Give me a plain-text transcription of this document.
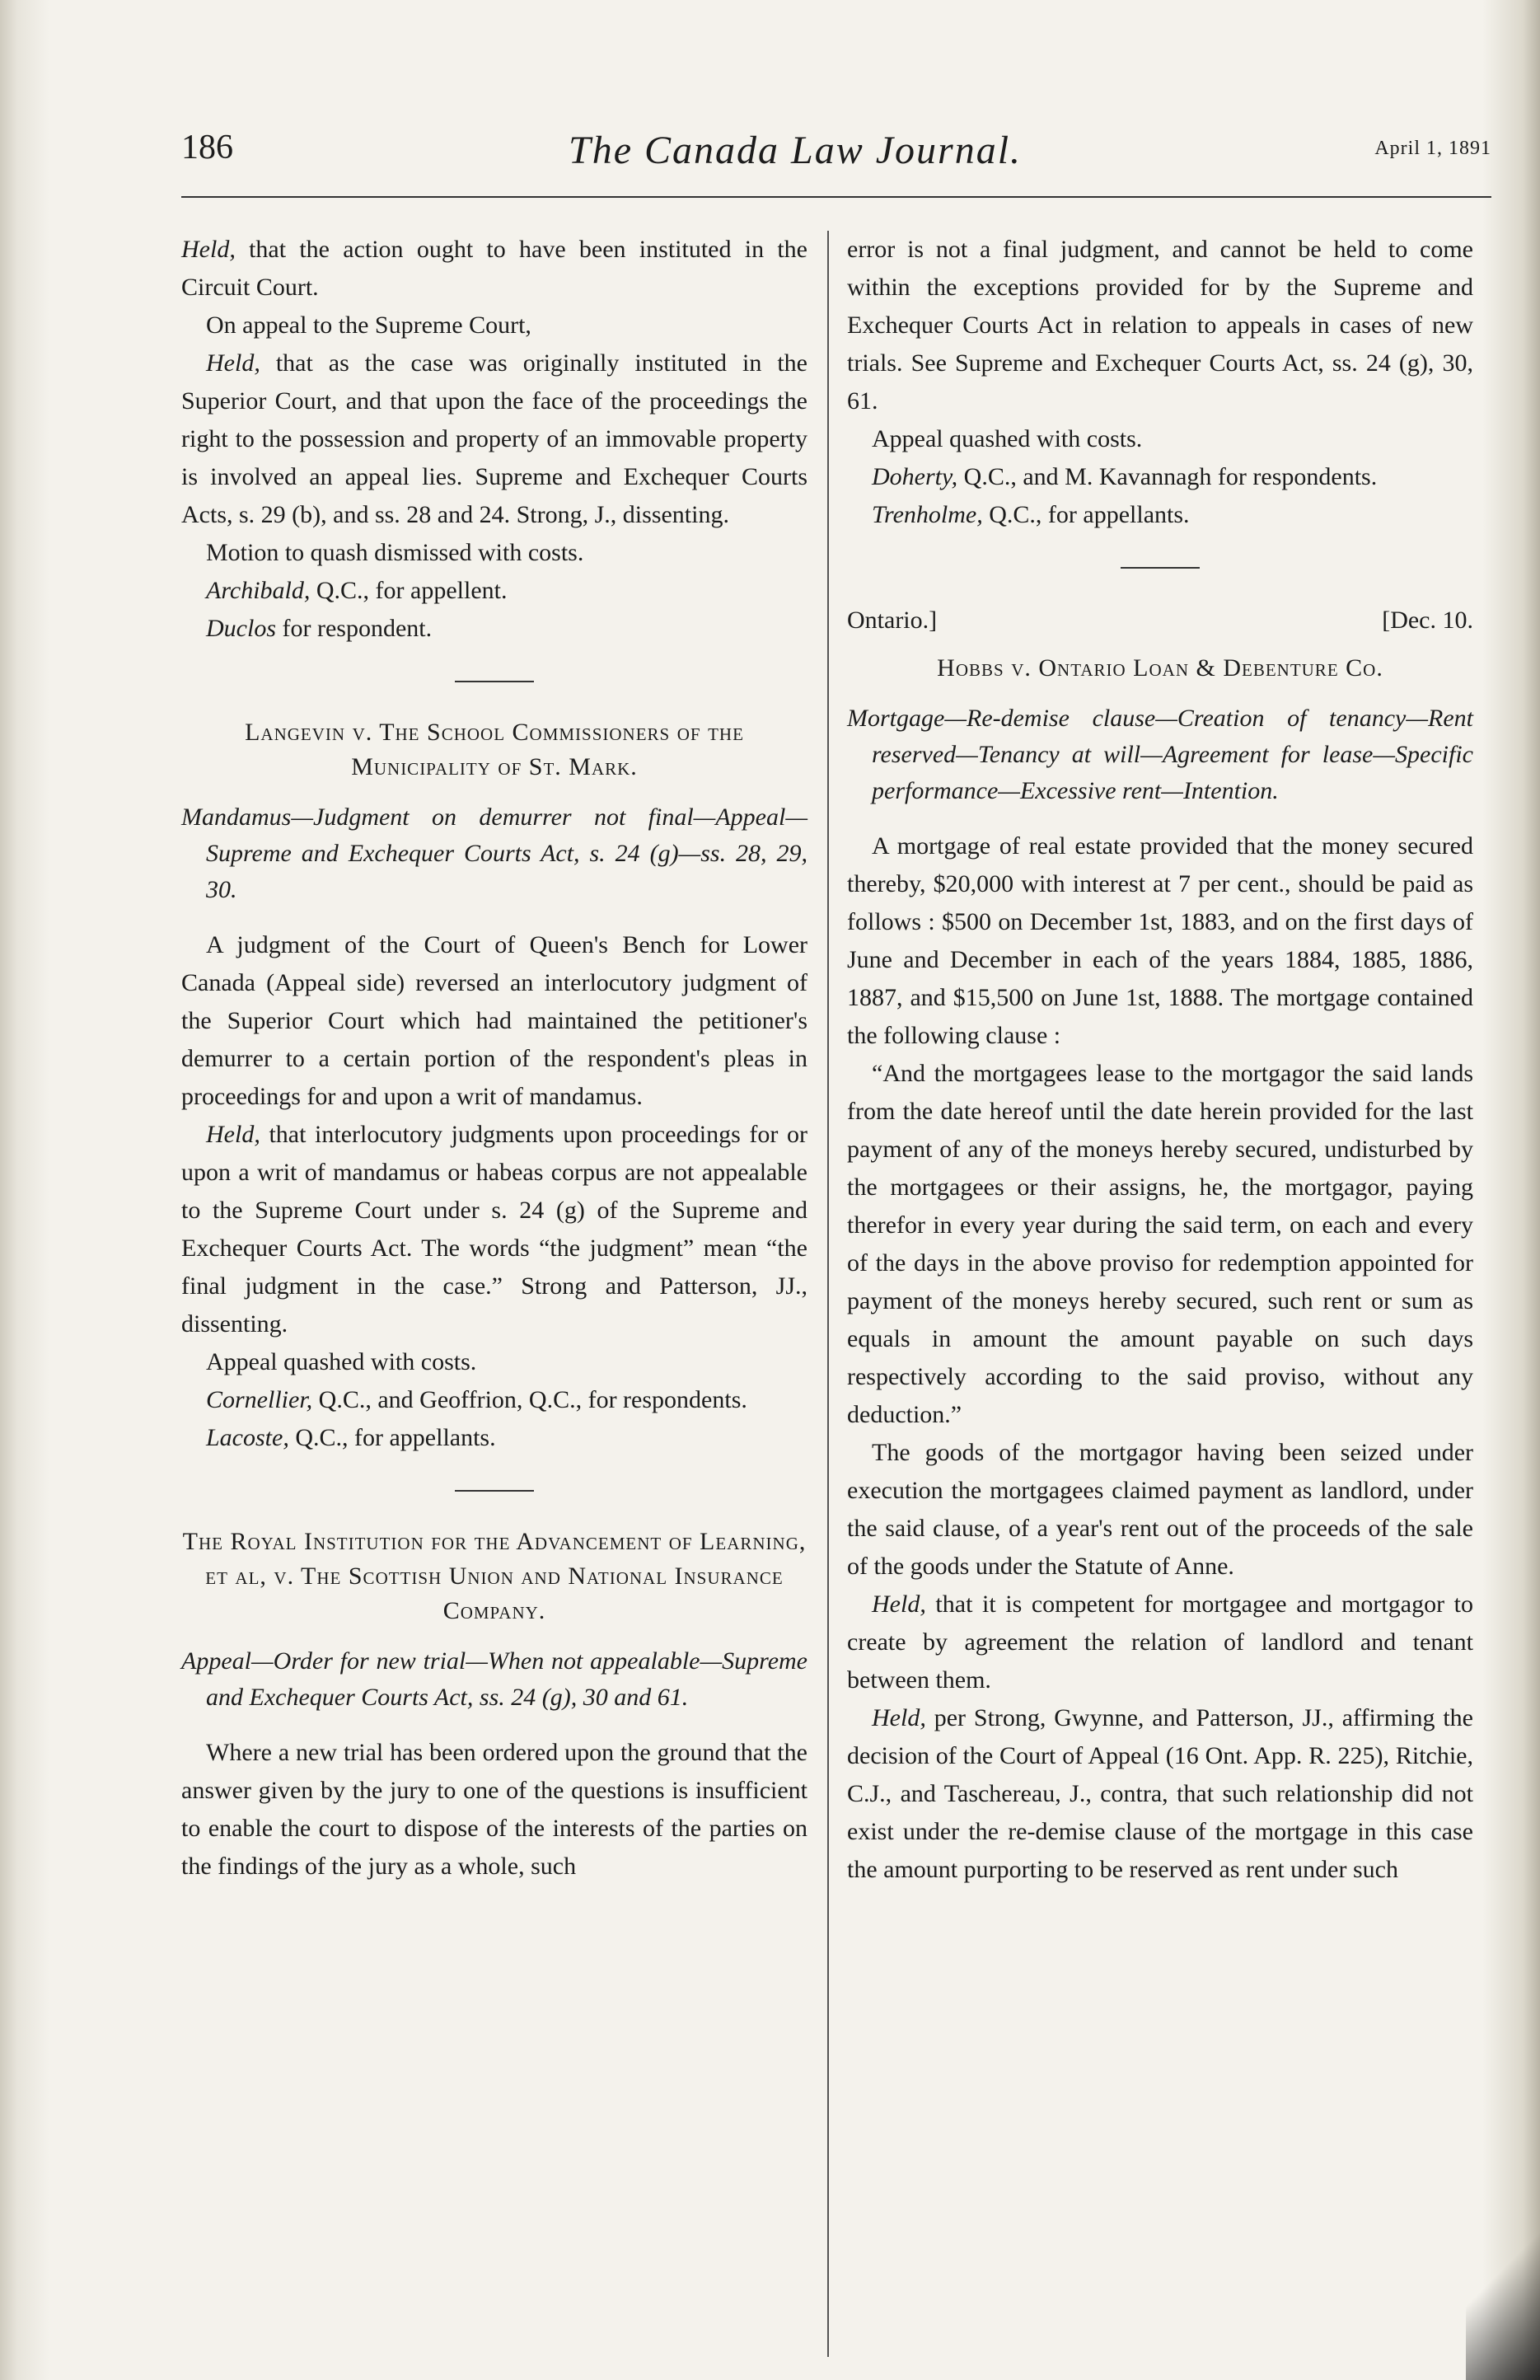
186	The Canada Law Journal.	April 1, 1891

Held, that the action ought to have been instituted in the Circuit Court.

On appeal to the Supreme Court,

Held, that as the case was originally instituted in the Superior Court, and that upon the face of the proceedings the right to the possession and property of an immovable property is involved an appeal lies. Supreme and Exchequer Courts Acts, s. 29 (b), and ss. 28 and 24. Strong, J., dissenting.

Motion to quash dismissed with costs.

Archibald, Q.C., for appellent.

Duclos for respondent.

Langevin v. The School Commissioners of the Municipality of St. Mark.
Mandamus—Judgment on demurrer not final—Appeal—Supreme and Exchequer Courts Act, s. 24 (g)—ss. 28, 29, 30.

A judgment of the Court of Queen's Bench for Lower Canada (Appeal side) reversed an interlocutory judgment of the Superior Court which had maintained the petitioner's demurrer to a certain portion of the respondent's pleas in proceedings for and upon a writ of mandamus.

Held, that interlocutory judgments upon proceedings for or upon a writ of mandamus or habeas corpus are not appealable to the Supreme Court under s. 24 (g) of the Supreme and Exchequer Courts Act. The words “the judgment” mean “the final judgment in the case.” Strong and Patterson, JJ., dissenting.

Appeal quashed with costs.

Cornellier, Q.C., and Geoffrion, Q.C., for respondents.

Lacoste, Q.C., for appellants.

The Royal Institution for the Advancement of Learning, et al, v. The Scottish Union and National Insurance Company.
Appeal—Order for new trial—When not appealable—Supreme and Exchequer Courts Act, ss. 24 (g), 30 and 61.

Where a new trial has been ordered upon the ground that the answer given by the jury to one of the questions is insufficient to enable the court to dispose of the interests of the parties on the findings of the jury as a whole, such

error is not a final judgment, and cannot be held to come within the exceptions provided for by the Supreme and Exchequer Courts Act in relation to appeals in cases of new trials. See Supreme and Exchequer Courts Act, ss. 24 (g), 30, 61.

Appeal quashed with costs.

Doherty, Q.C., and M. Kavannagh for respondents.

Trenholme, Q.C., for appellants.

Ontario.]	[Dec. 10.
Hobbs v. Ontario Loan & Debenture Co.
Mortgage—Re-demise clause—Creation of tenancy—Rent reserved—Tenancy at will—Agreement for lease—Specific performance—Excessive rent—Intention.

A mortgage of real estate provided that the money secured thereby, $20,000 with interest at 7 per cent., should be paid as follows : $500 on December 1st, 1883, and on the first days of June and December in each of the years 1884, 1885, 1886, 1887, and $15,500 on June 1st, 1888. The mortgage contained the following clause :

“And the mortgagees lease to the mortgagor the said lands from the date hereof until the date herein provided for the last payment of any of the moneys hereby secured, undisturbed by the mortgagees or their assigns, he, the mortgagor, paying therefor in every year during the said term, on each and every of the days in the above proviso for redemption appointed for payment of the moneys hereby secured, such rent or sum as equals in amount the amount payable on such days respectively according to the said proviso, without any deduction.”

The goods of the mortgagor having been seized under execution the mortgagees claimed payment as landlord, under the said clause, of a year's rent out of the proceeds of the sale of the goods under the Statute of Anne.

Held, that it is competent for mortgagee and mortgagor to create by agreement the relation of landlord and tenant between them.

Held, per Strong, Gwynne, and Patterson, JJ., affirming the decision of the Court of Appeal (16 Ont. App. R. 225), Ritchie, C.J., and Taschereau, J., contra, that such relationship did not exist under the re-demise clause of the mortgage in this case the amount purporting to be reserved as rent under such
